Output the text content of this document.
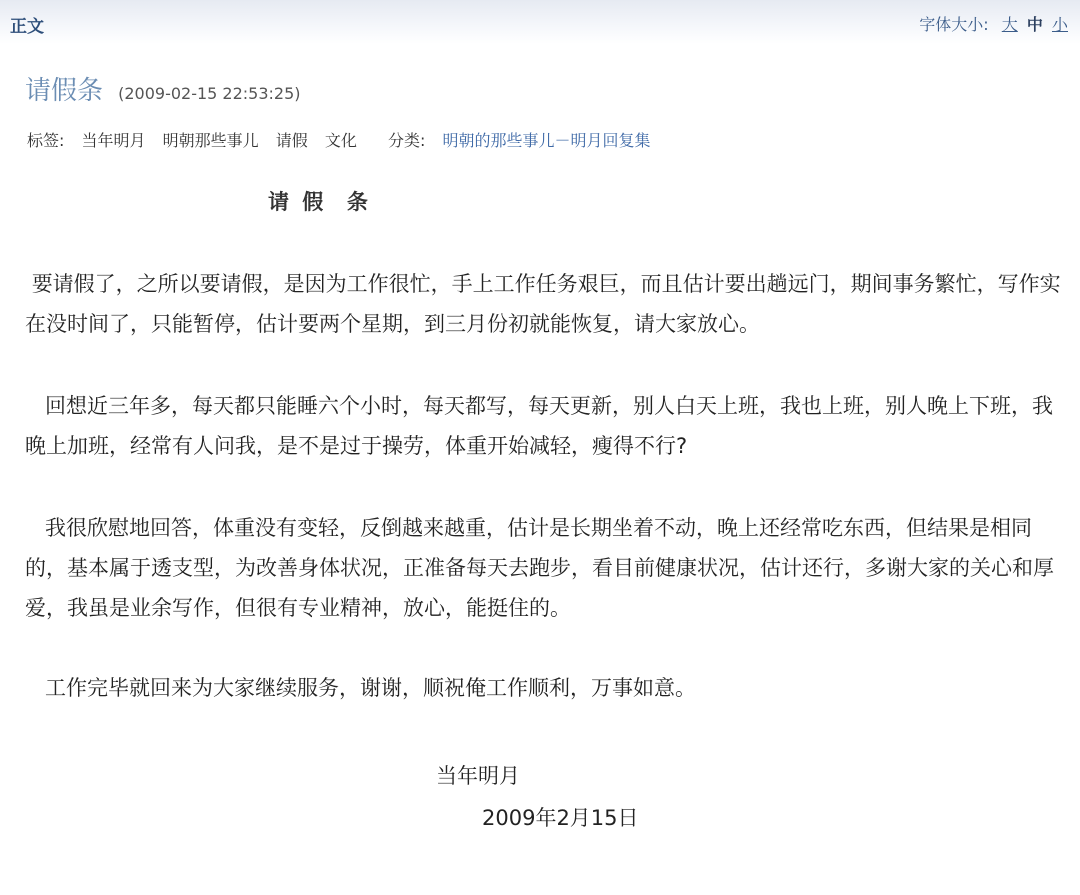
正文	字体大小: 大 中 小
请假条 (2009-02-15 22:53:25)
标签: 当年明月 明朝那些事儿 请假 文化 分类: 明朝的那些事儿－明月回复集
请 假  条
要请假了，之所以要请假，是因为工作很忙，手上工作任务艰巨，而且估计要出趟远门，期间事务繁忙，写作实在没时间了，只能暂停，估计要两个星期，到三月份初就能恢复，请大家放心。
回想近三年多，每天都只能睡六个小时，每天都写，每天更新，别人白天上班，我也上班，别人晚上下班，我晚上加班，经常有人问我，是不是过于操劳，体重开始减轻，瘦得不行?
我很欣慰地回答，体重没有变轻，反倒越来越重，估计是长期坐着不动，晚上还经常吃东西，但结果是相同的，基本属于透支型，为改善身体状况，正准备每天去跑步，看目前健康状况，估计还行，多谢大家的关心和厚爱，我虽是业余写作，但很有专业精神，放心，能挺住的。
工作完毕就回来为大家继续服务，谢谢，顺祝俺工作顺利，万事如意。
当年明月
2009年2月15日
